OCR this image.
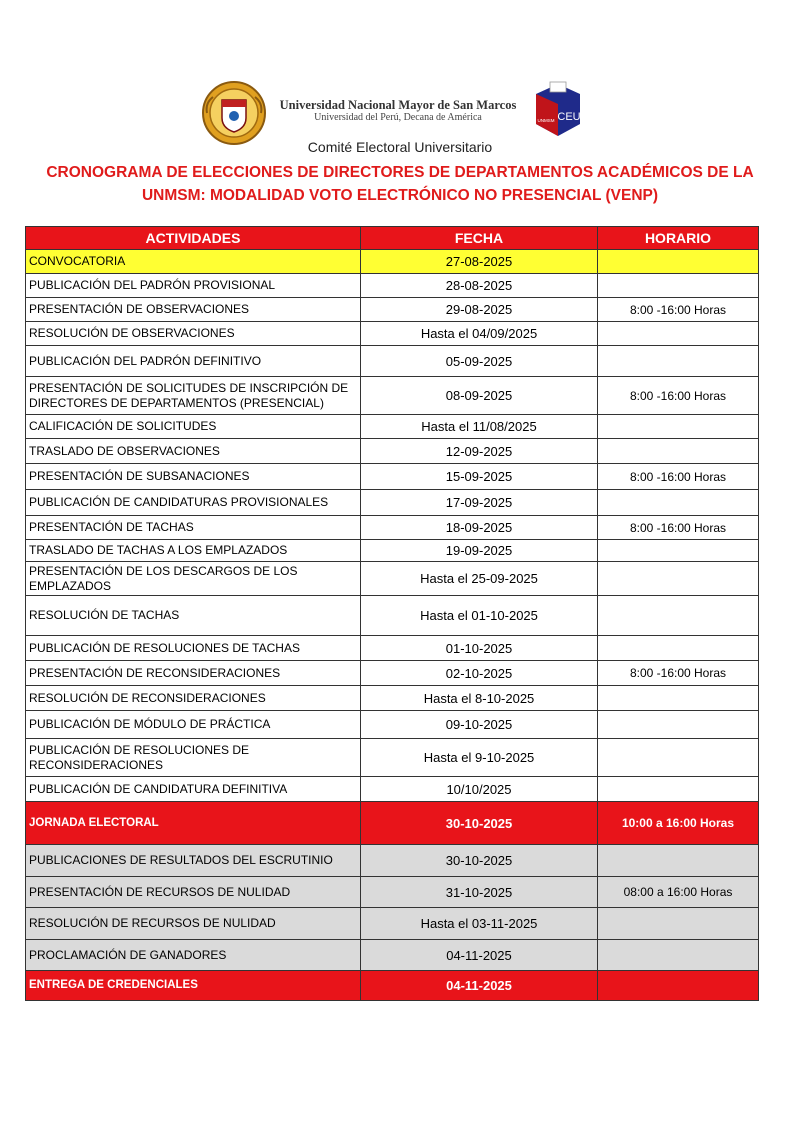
Universidad Nacional Mayor de San Marcos
Universidad del Perú, Decana de América	CEU
UNMSM
Comité Electoral Universitario
CRONOGRAMA DE ELECCIONES DE DIRECTORES DE DEPARTAMENTOS ACADÉMICOS DE LA
UNMSM: MODALIDAD VOTO ELECTRÓNICO NO PRESENCIAL (VENP)
ACTIVIDADES	FECHA	HORARIO
CONVOCATORIA	27-08-2025	
PUBLICACIÓN DEL PADRÓN PROVISIONAL	28-08-2025	
PRESENTACIÓN DE OBSERVACIONES	29-08-2025	8:00 -16:00 Horas
RESOLUCIÓN DE OBSERVACIONES	Hasta el 04/09/2025	
PUBLICACIÓN DEL PADRÓN DEFINITIVO	05-09-2025	
PRESENTACIÓN DE SOLICITUDES DE INSCRIPCIÓN DE DIRECTORES DE DEPARTAMENTOS (PRESENCIAL)	08-09-2025	8:00 -16:00 Horas
CALIFICACIÓN DE SOLICITUDES	Hasta el 11/08/2025	
TRASLADO DE OBSERVACIONES	12-09-2025	
PRESENTACIÓN DE SUBSANACIONES	15-09-2025	8:00 -16:00 Horas
PUBLICACIÓN DE CANDIDATURAS PROVISIONALES	17-09-2025	
PRESENTACIÓN DE TACHAS	18-09-2025	8:00 -16:00 Horas
TRASLADO DE TACHAS A LOS EMPLAZADOS	19-09-2025	
PRESENTACIÓN DE LOS DESCARGOS DE LOS EMPLAZADOS	Hasta el 25-09-2025	
RESOLUCIÓN DE TACHAS	Hasta el 01-10-2025	
PUBLICACIÓN DE RESOLUCIONES DE TACHAS	01-10-2025	
PRESENTACIÓN DE RECONSIDERACIONES	02-10-2025	8:00 -16:00 Horas
RESOLUCIÓN DE RECONSIDERACIONES	Hasta el 8-10-2025	
PUBLICACIÓN DE MÓDULO DE PRÁCTICA	09-10-2025	
PUBLICACIÓN DE RESOLUCIONES DE RECONSIDERACIONES	Hasta el 9-10-2025	
PUBLICACIÓN DE CANDIDATURA DEFINITIVA	10/10/2025	
JORNADA ELECTORAL	30-10-2025	10:00 a 16:00 Horas
PUBLICACIONES DE RESULTADOS DEL ESCRUTINIO	30-10-2025	
PRESENTACIÓN DE RECURSOS DE NULIDAD	31-10-2025	08:00 a 16:00 Horas
RESOLUCIÓN DE RECURSOS DE NULIDAD	Hasta el 03-11-2025	
PROCLAMACIÓN DE GANADORES	04-11-2025	
ENTREGA DE CREDENCIALES	04-11-2025	
